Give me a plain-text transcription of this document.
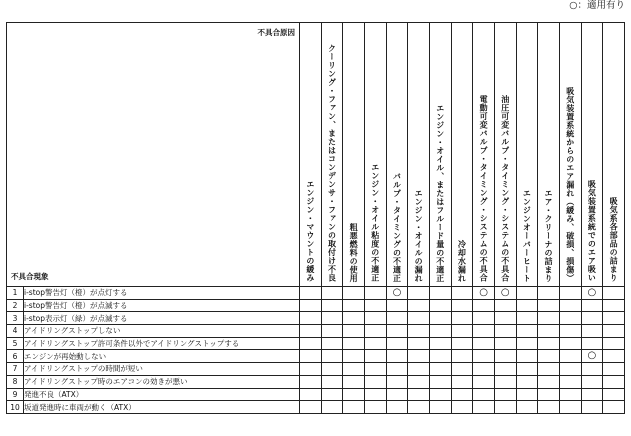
○：適用有り
不具合原因
不具合現象		エンジン・マウントの緩み	クーリング・ファン、またはコンデンサ・ファンの取付け不良	粗悪燃料の使用	エンジン・オイル粘度の不適正	バルブ・タイミングの不適正	エンジン・オイルの漏れ	エンジン・オイル、またはフルード量の不適正	冷却水漏れ	電動可変バルブ・タイミング・システムの不具合	油圧可変バルブ・タイミング・システムの不具合	エンジンオーバーヒート	エア・クリーナの詰まり	吸気装置系統からのエア漏れ（緩み、破損、損傷）	吸気装置系統でのエア吸い	吸気系各部品の詰まり
1	i-stop警告灯（橙）が点灯する					○				○	○				○	
2	i-stop警告灯（橙）が点滅する															
3	i-stop表示灯（緑）が点滅する															
4	アイドリングストップしない															
5	アイドリングストップ許可条件以外でアイドリングストップする															
6	エンジンが再始動しない														○	
7	アイドリングストップの時間が短い															
8	アイドリングストップ時のエアコンの効きが悪い															
9	発進不良（ATX）															
10	坂道発進時に車両が動く（ATX）															
